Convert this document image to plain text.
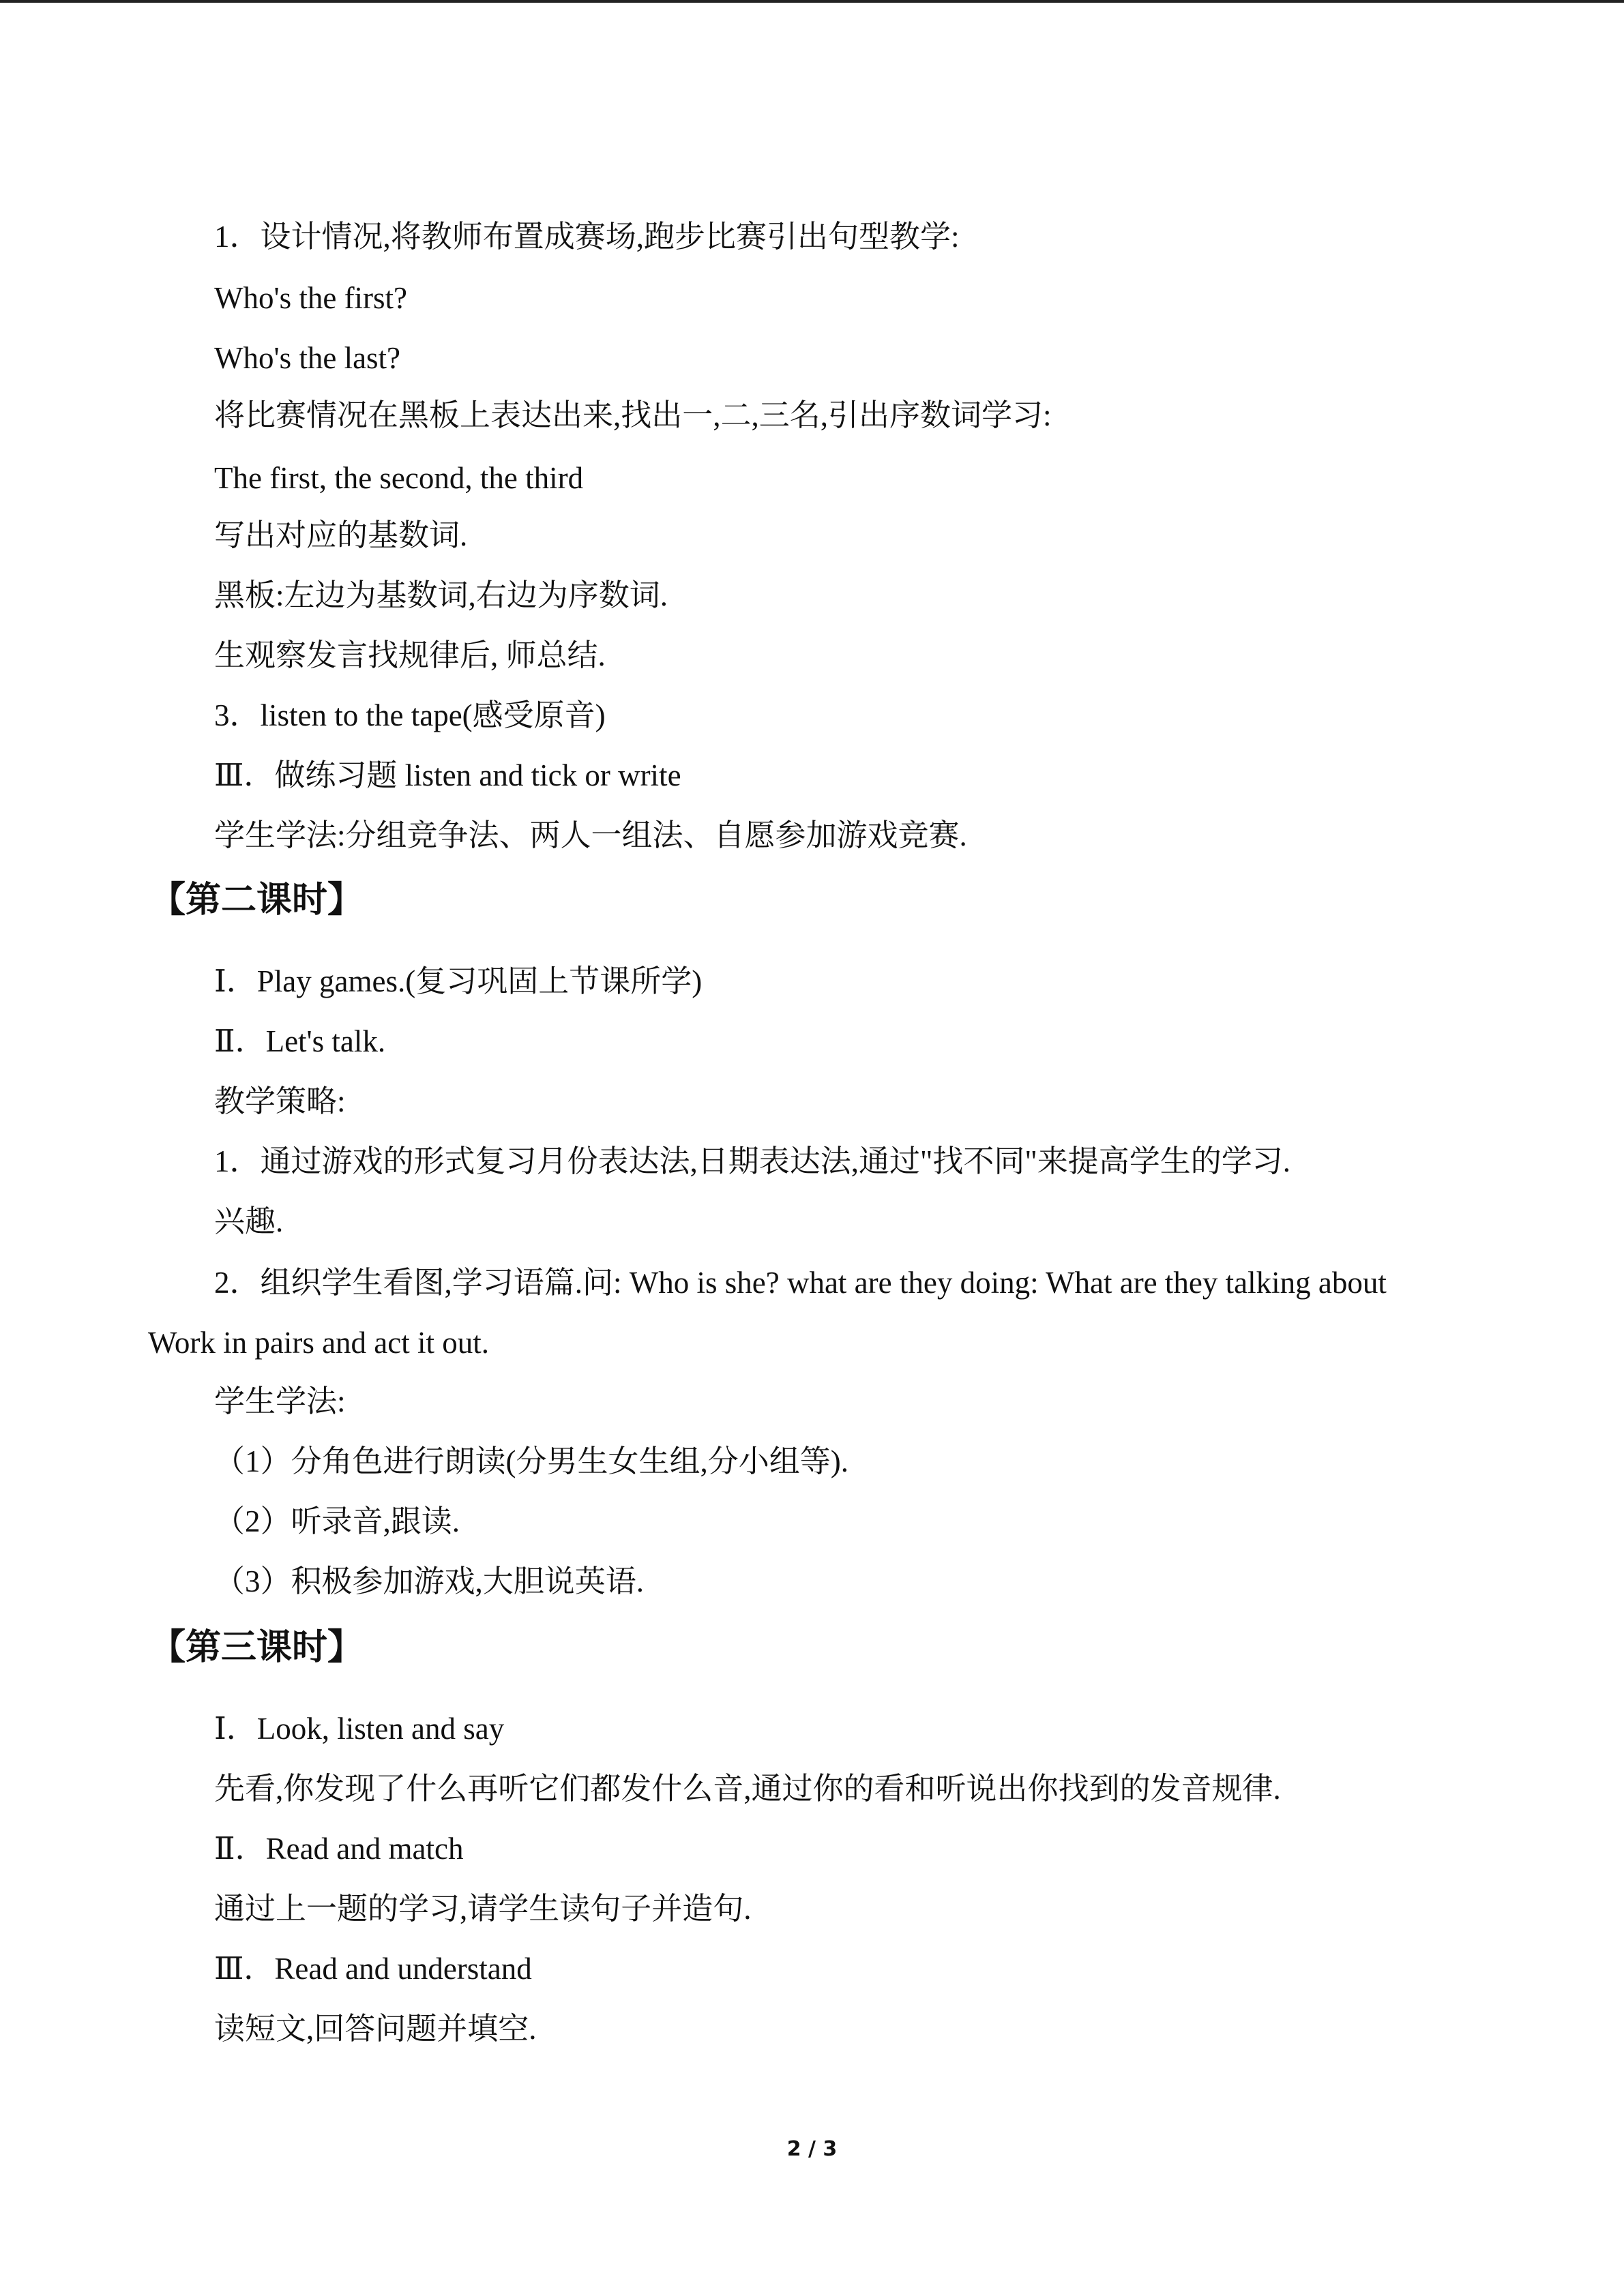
1．设计情况,将教师布置成赛场,跑步比赛引出句型教学:
Who's the first?
Who's the last?
将比赛情况在黑板上表达出来,找出一,二,三名,引出序数词学习:
The first, the second, the third
写出对应的基数词.
黑板:左边为基数词,右边为序数词.
生观察发言找规律后, 师总结.
3．listen to the tape(感受原音)
Ⅲ．做练习题 listen and tick or write
学生学法:分组竞争法、两人一组法、自愿参加游戏竞赛.
【第二课时】
Ⅰ．Play games.(复习巩固上节课所学)
Ⅱ．Let's talk.
教学策略:
1．通过游戏的形式复习月份表达法,日期表达法,通过"找不同"来提高学生的学习.
兴趣.
2．组织学生看图,学习语篇.问: Who is she? what are they doing: What are they talking about
Work in pairs and act it out.
学生学法:
（1）分角色进行朗读(分男生女生组,分小组等).
（2）听录音,跟读.
（3）积极参加游戏,大胆说英语.
【第三课时】
Ⅰ．Look, listen and say
先看,你发现了什么再听它们都发什么音,通过你的看和听说出你找到的发音规律.
Ⅱ．Read and match
通过上一题的学习,请学生读句子并造句.
Ⅲ．Read and understand
读短文,回答问题并填空.
2 / 3
